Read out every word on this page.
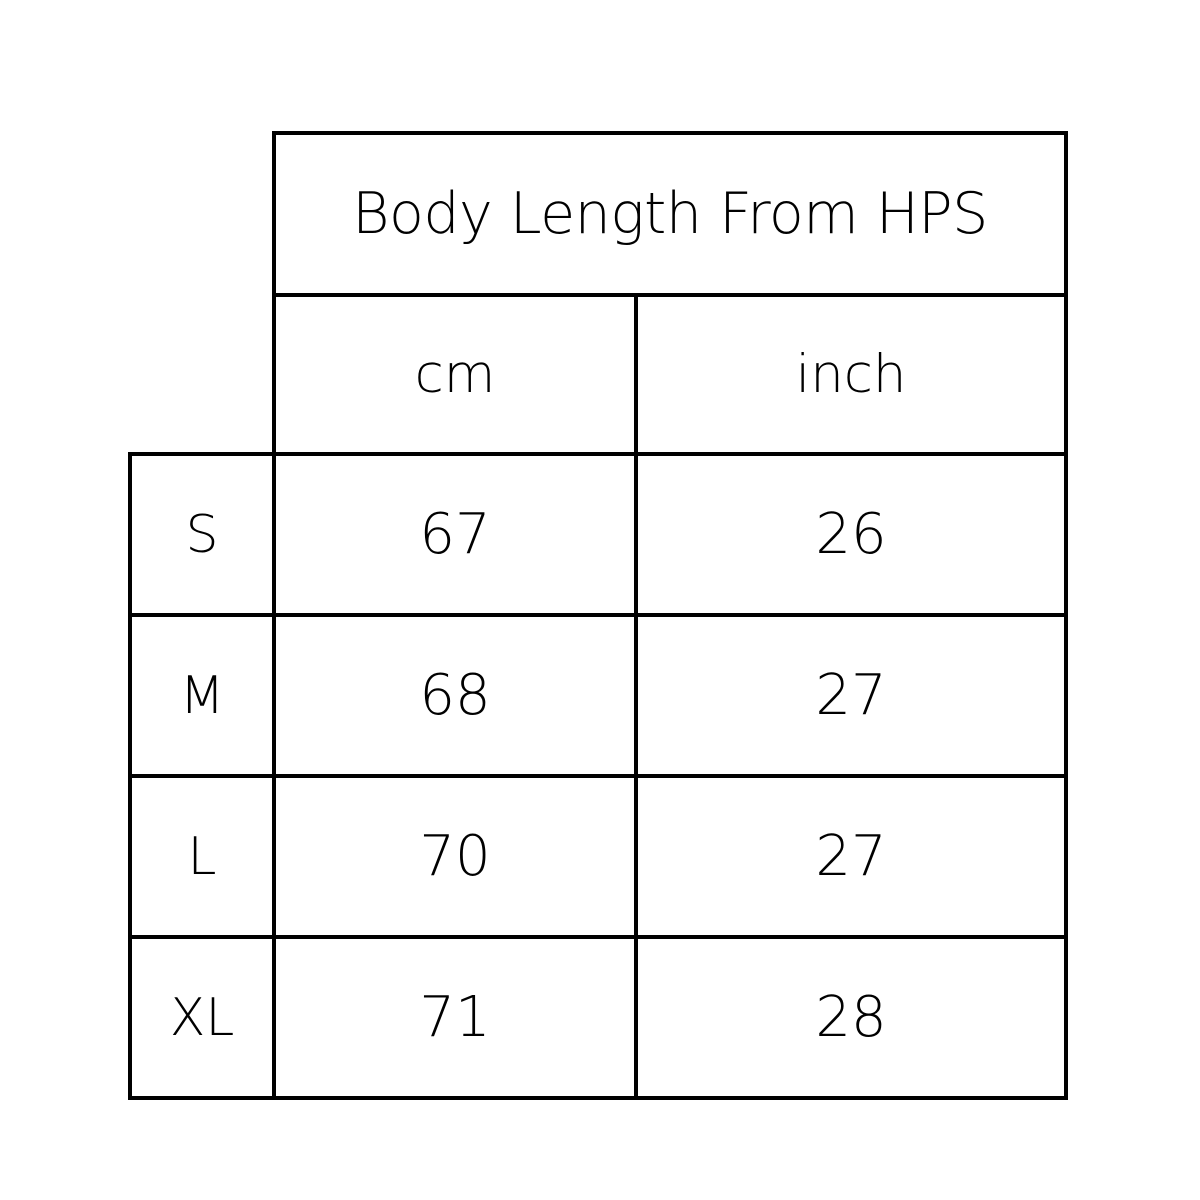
	Body Length From HPS	
	cm	inch
S	67	26
M	68	27
L	70	27
XL	71	28
